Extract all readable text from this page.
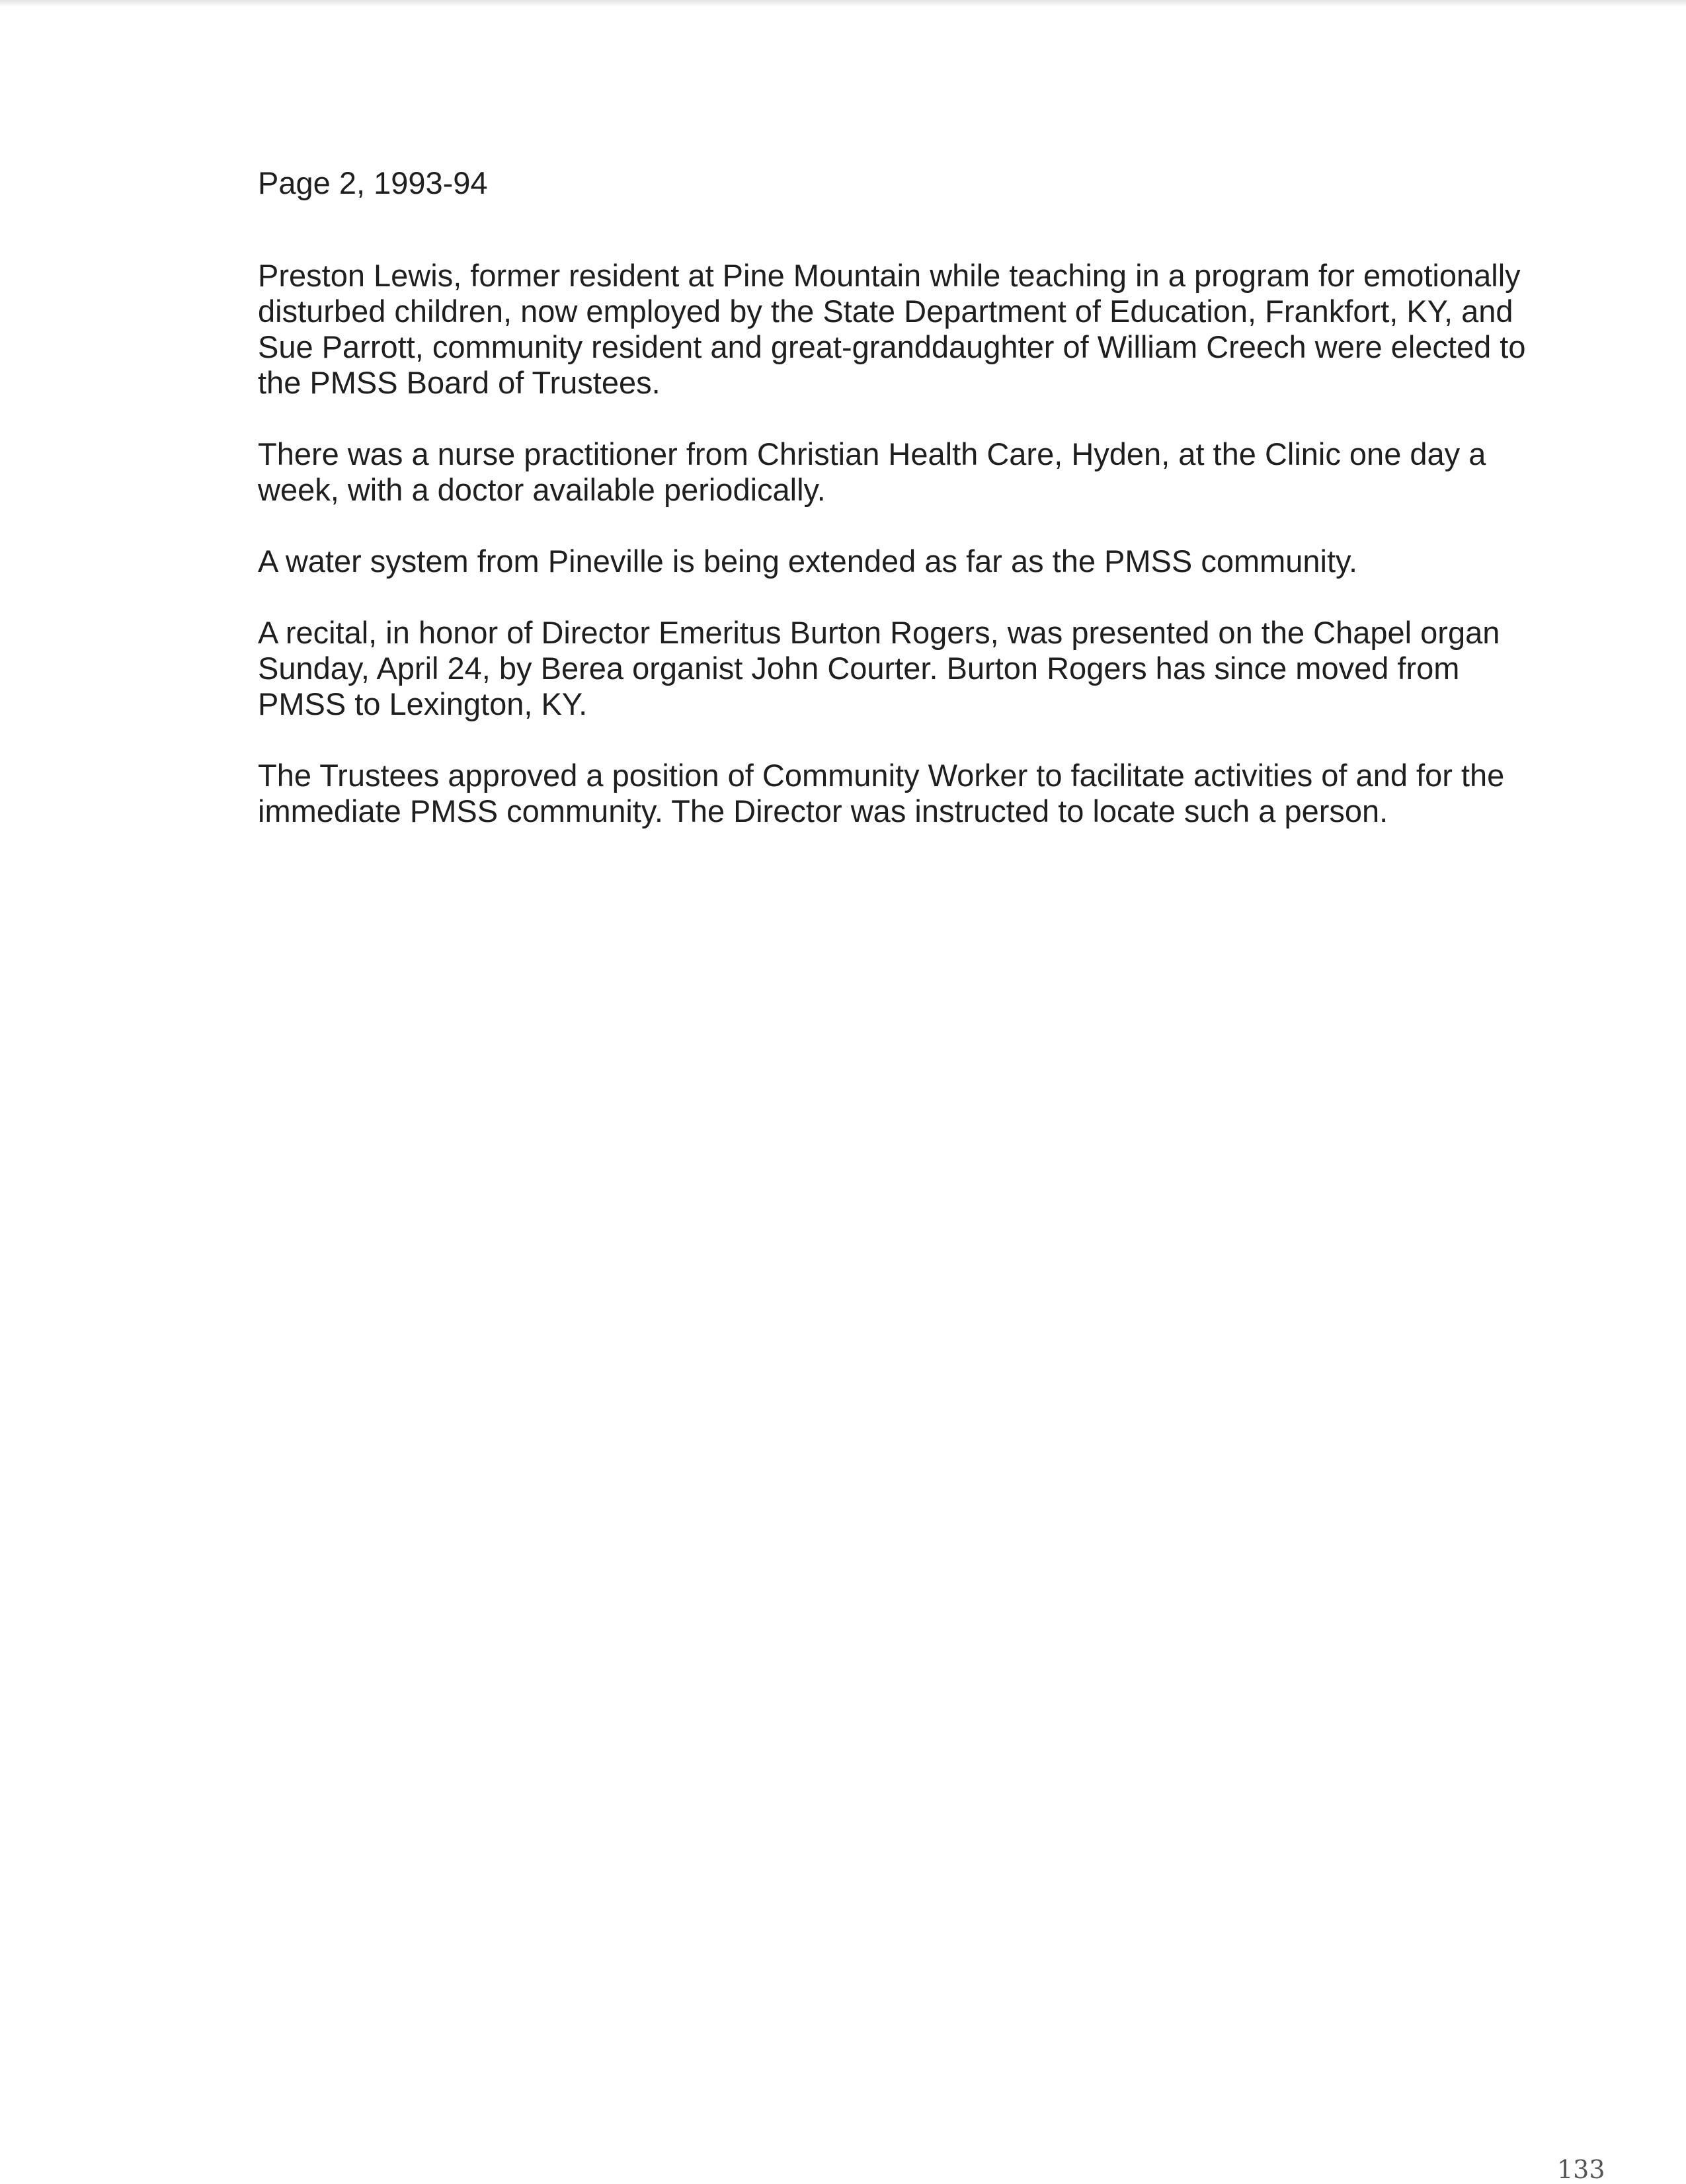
Page 2, 1993-94

Preston Lewis, former resident at Pine Mountain while teaching in a program for emotionally disturbed children, now employed by the State Department of Education, Frankfort, KY, and Sue Parrott, community resident and great-granddaughter of William Creech were elected to the PMSS Board of Trustees.

There was a nurse practitioner from Christian Health Care, Hyden, at the Clinic one day a week, with a doctor available periodically.

A water system from Pineville is being extended as far as the PMSS community.

A recital, in honor of Director Emeritus Burton Rogers, was presented on the Chapel organ Sunday, April 24, by Berea organist John Courter. Burton Rogers has since moved from PMSS to Lexington, KY.

The Trustees approved a position of Community Worker to facilitate activities of and for the immediate PMSS community. The Director was instructed to locate such a person.

133
